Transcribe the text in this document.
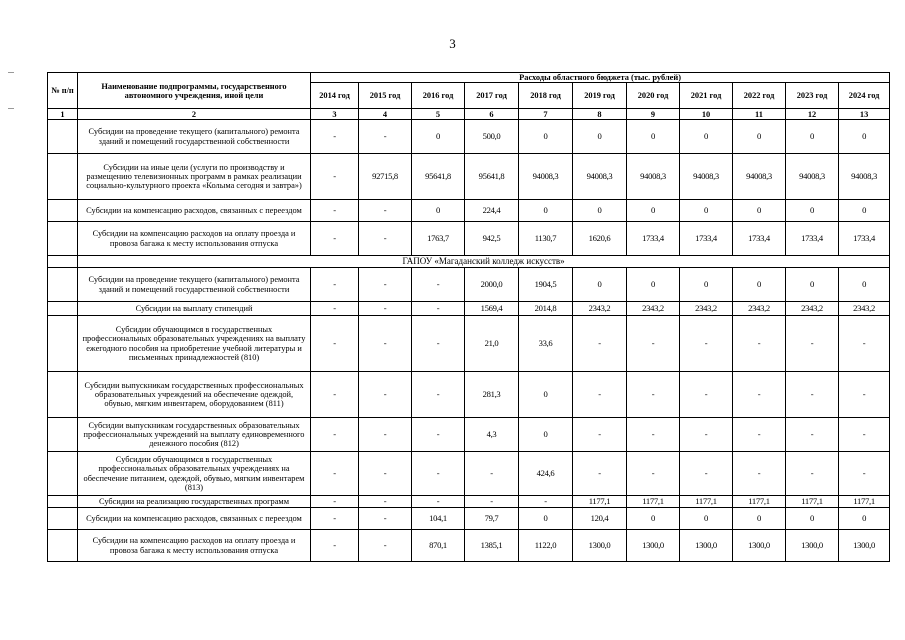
3
№ п/п	Наименование подпрограммы, государственного автономного учреждения, иной цели	Расходы областного бюджета (тыс. рублей)										
		2014 год	2015 год	2016 год	2017 год	2018 год	2019 год	2020 год	2021 год	2022 год	2023 год	2024 год
1	2	3	4	5	6	7	8	9	10	11	12	13
	Субсидии на проведение текущего (капитального) ремонта зданий и помещений государственной собственности	-	-	0	500,0	0	0	0	0	0	0	0
	Субсидии на иные цели (услуги по производству и размещению телевизионных программ в рамках реализации социально-культурного проекта «Колыма сегодня и завтра»)	-	92715,8	95641,8	95641,8	94008,3	94008,3	94008,3	94008,3	94008,3	94008,3	94008,3
	Субсидии на компенсацию расходов, связанных с переездом	-	-	0	224,4	0	0	0	0	0	0	0
	Субсидии на компенсацию расходов на оплату проезда и провоза багажа к месту использования отпуска	-	-	1763,7	942,5	1130,7	1620,6	1733,4	1733,4	1733,4	1733,4	1733,4
	ГАПОУ «Магаданский колледж искусств»											
	Субсидии на проведение текущего (капитального) ремонта зданий и помещений государственной собственности	-	-	-	2000,0	1904,5	0	0	0	0	0	0
	Субсидии на выплату стипендий	-	-	-	1569,4	2014,8	2343,2	2343,2	2343,2	2343,2	2343,2	2343,2
	Субсидии обучающимся в государственных профессиональных образовательных учреждениях на выплату ежегодного пособия на приобретение учебной литературы и письменных принадлежностей (810)	-	-	-	21,0	33,6	-	-	-	-	-	-
	Субсидии выпускникам государственных профессиональных образовательных учреждений на обеспечение одеждой, обувью, мягким инвентарем, оборудованием (811)	-	-	-	281,3	0	-	-	-	-	-	-
	Субсидии выпускникам государственных образовательных профессиональных учреждений на выплату единовременного денежного пособия (812)	-	-	-	4,3	0	-	-	-	-	-	-
	Субсидии обучающимся в государственных профессиональных образовательных учреждениях на обеспечение питанием, одеждой, обувью, мягким инвентарем (813)	-	-	-	-	424,6	-	-	-	-	-	-
	Субсидии на реализацию государственных программ	-	-	-	-	-	1177,1	1177,1	1177,1	1177,1	1177,1	1177,1
	Субсидии на компенсацию расходов, связанных с переездом	-	-	104,1	79,7	0	120,4	0	0	0	0	0
	Субсидии на компенсацию расходов на оплату проезда и провоза багажа к месту использования отпуска	-	-	870,1	1385,1	1122,0	1300,0	1300,0	1300,0	1300,0	1300,0	1300,0
